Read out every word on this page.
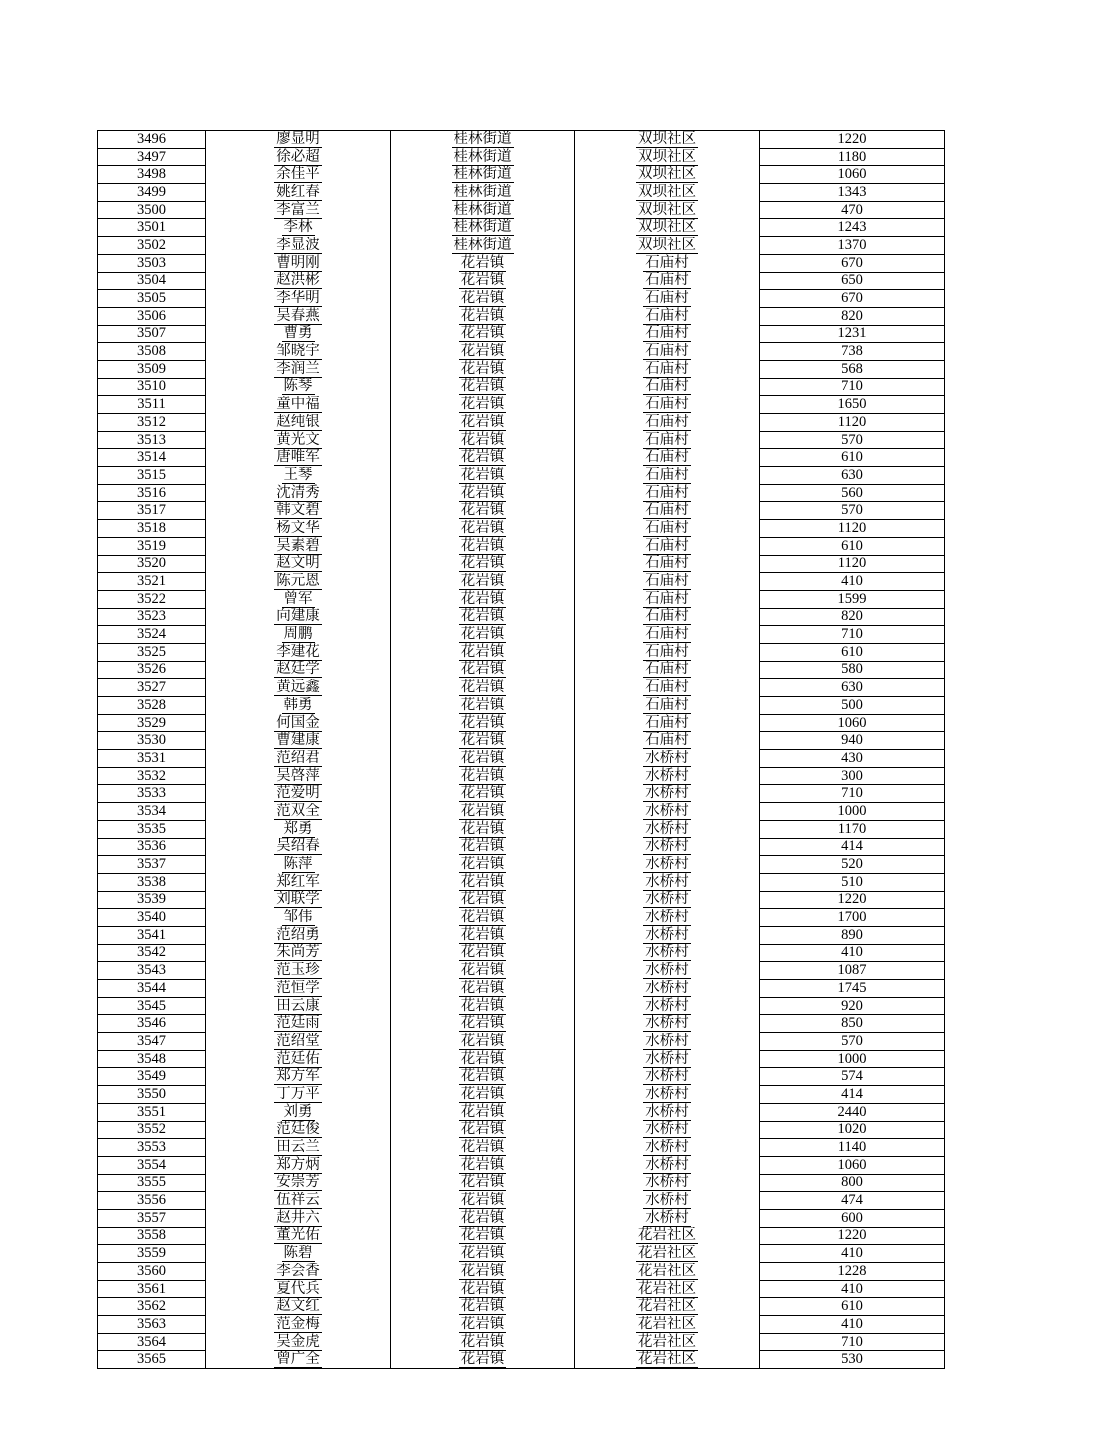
3496	廖显明	桂林街道	双坝社区	1220
3497	徐必超	桂林街道	双坝社区	1180
3498	余佳平	桂林街道	双坝社区	1060
3499	姚红春	桂林街道	双坝社区	1343
3500	李富兰	桂林街道	双坝社区	470
3501	李林	桂林街道	双坝社区	1243
3502	李显波	桂林街道	双坝社区	1370
3503	曹明刚	花岩镇	石庙村	670
3504	赵洪彬	花岩镇	石庙村	650
3505	李华明	花岩镇	石庙村	670
3506	吴春燕	花岩镇	石庙村	820
3507	曹勇	花岩镇	石庙村	1231
3508	邹晓宇	花岩镇	石庙村	738
3509	李润兰	花岩镇	石庙村	568
3510	陈琴	花岩镇	石庙村	710
3511	童中福	花岩镇	石庙村	1650
3512	赵纯银	花岩镇	石庙村	1120
3513	黄光文	花岩镇	石庙村	570
3514	唐唯军	花岩镇	石庙村	610
3515	王琴	花岩镇	石庙村	630
3516	沈清秀	花岩镇	石庙村	560
3517	韩文碧	花岩镇	石庙村	570
3518	杨文华	花岩镇	石庙村	1120
3519	吴素碧	花岩镇	石庙村	610
3520	赵文明	花岩镇	石庙村	1120
3521	陈元恩	花岩镇	石庙村	410
3522	曾军	花岩镇	石庙村	1599
3523	向建康	花岩镇	石庙村	820
3524	周鹏	花岩镇	石庙村	710
3525	李建花	花岩镇	石庙村	610
3526	赵廷学	花岩镇	石庙村	580
3527	黄远鑫	花岩镇	石庙村	630
3528	韩勇	花岩镇	石庙村	500
3529	何国金	花岩镇	石庙村	1060
3530	曹建康	花岩镇	石庙村	940
3531	范绍君	花岩镇	水桥村	430
3532	吴啓萍	花岩镇	水桥村	300
3533	范爱明	花岩镇	水桥村	710
3534	范双全	花岩镇	水桥村	1000
3535	郑勇	花岩镇	水桥村	1170
3536	吴绍春	花岩镇	水桥村	414
3537	陈萍	花岩镇	水桥村	520
3538	郑红军	花岩镇	水桥村	510
3539	刘联学	花岩镇	水桥村	1220
3540	邹伟	花岩镇	水桥村	1700
3541	范绍勇	花岩镇	水桥村	890
3542	朱尚芳	花岩镇	水桥村	410
3543	范玉珍	花岩镇	水桥村	1087
3544	范恒学	花岩镇	水桥村	1745
3545	田云康	花岩镇	水桥村	920
3546	范廷雨	花岩镇	水桥村	850
3547	范绍堂	花岩镇	水桥村	570
3548	范廷佑	花岩镇	水桥村	1000
3549	郑方军	花岩镇	水桥村	574
3550	丁万平	花岩镇	水桥村	414
3551	刘勇	花岩镇	水桥村	2440
3552	范廷俊	花岩镇	水桥村	1020
3553	田云兰	花岩镇	水桥村	1140
3554	郑方炳	花岩镇	水桥村	1060
3555	安崇芳	花岩镇	水桥村	800
3556	伍祥云	花岩镇	水桥村	474
3557	赵井六	花岩镇	水桥村	600
3558	董光佑	花岩镇	花岩社区	1220
3559	陈碧	花岩镇	花岩社区	410
3560	李会香	花岩镇	花岩社区	1228
3561	夏代兵	花岩镇	花岩社区	410
3562	赵文红	花岩镇	花岩社区	610
3563	范金梅	花岩镇	花岩社区	410
3564	吴金虎	花岩镇	花岩社区	710
3565	曾广全	花岩镇	花岩社区	530
